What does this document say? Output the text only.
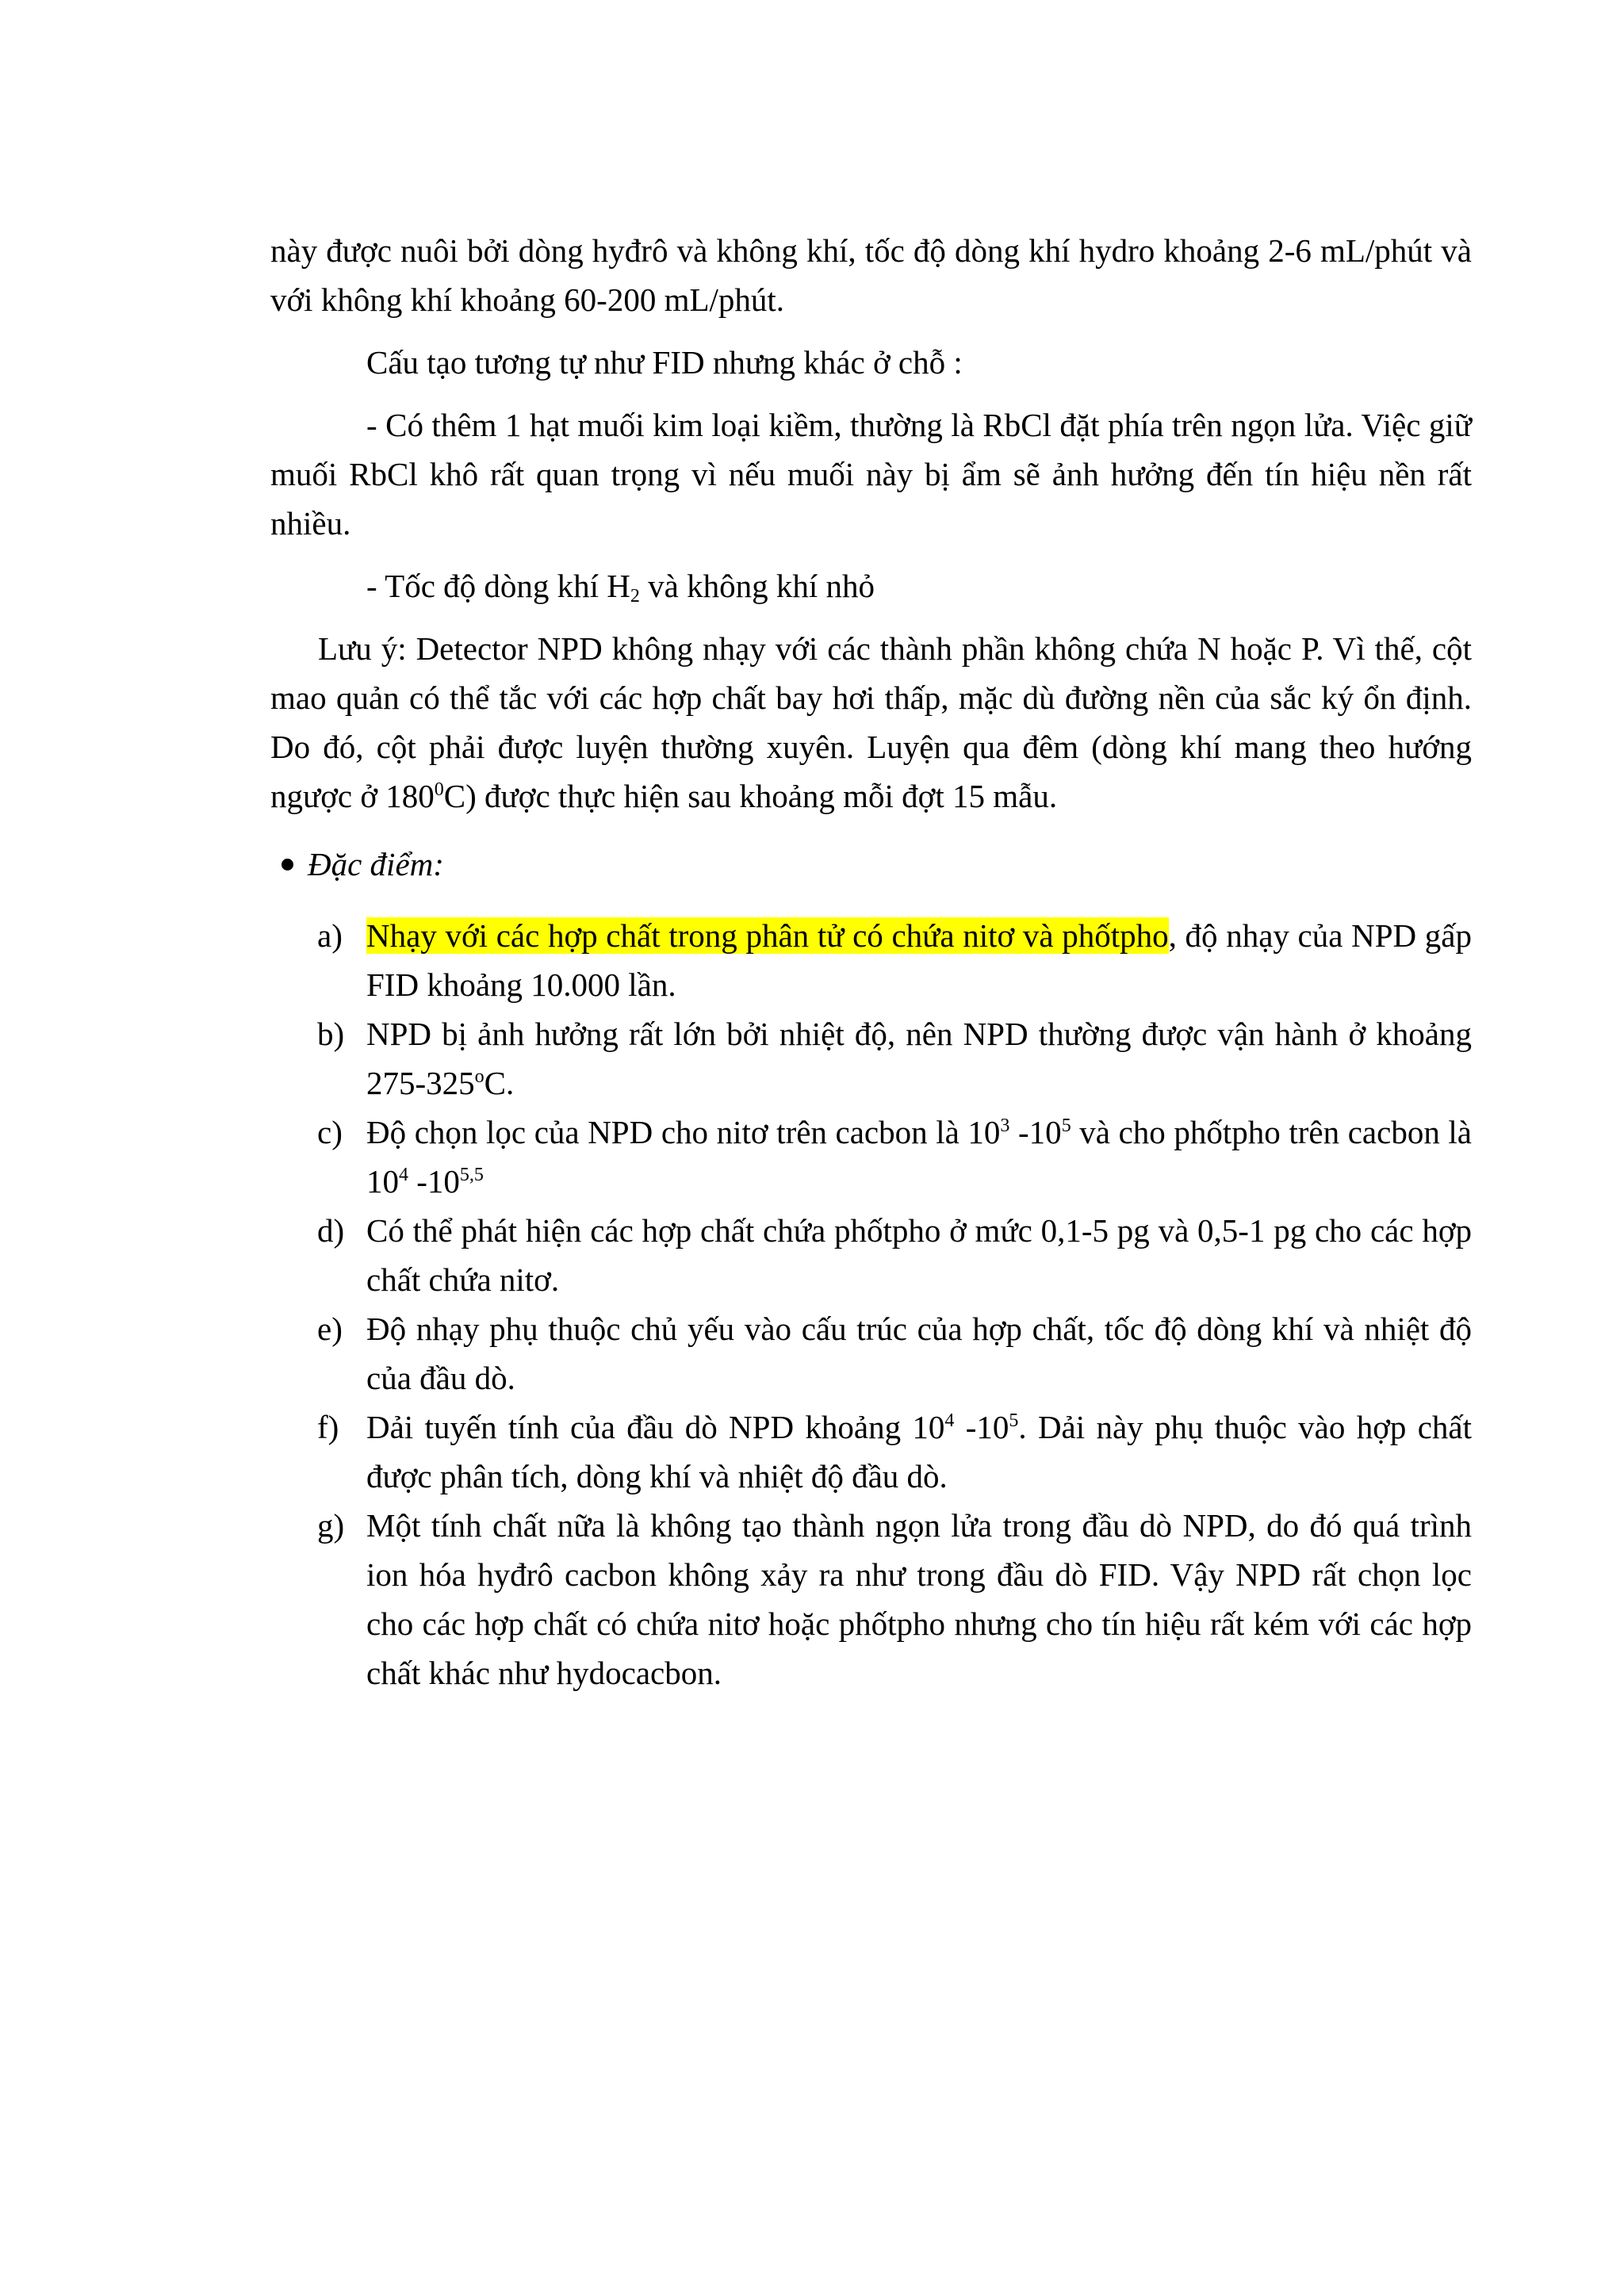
này được nuôi bởi dòng hyđrô và không khí, tốc độ dòng khí hydro khoảng 2-6 mL/phút và với không khí khoảng 60-200 mL/phút.

Cấu tạo tương tự như FID nhưng khác ở chỗ :

- Có thêm 1 hạt muối kim loại kiềm, thường là RbCl đặt phía trên ngọn lửa. Việc giữ muối RbCl khô rất quan trọng vì nếu muối này bị ẩm sẽ ảnh hưởng đến tín hiệu nền rất nhiều.

- Tốc độ dòng khí $H_2$ và không khí nhỏ

Lưu ý: Detector NPD không nhạy với các thành phần không chứa N hoặc P. Vì thế, cột mao quản có thể tắc với các hợp chất bay hơi thấp, mặc dù đường nền của sắc ký ổn định. Do đó, cột phải được luyện thường xuyên. Luyện qua đêm (dòng khí mang theo hướng ngược ở $180^0C$) được thực hiện sau khoảng mỗi đợt 15 mẫu.

Đặc điểm:
a) Nhạy với các hợp chất trong phân tử có chứa nitơ và phốtpho, độ nhạy của NPD gấp FID khoảng 10.000 lần.
b) NPD bị ảnh hưởng rất lớn bởi nhiệt độ, nên NPD thường được vận hành ở khoảng 275-325$^o$C.
c) Độ chọn lọc của NPD cho nitơ trên cacbon là $10^3$ $-10^5$ và cho phốtpho trên cacbon là $10^4$ -10$^{5,5}$
d) Có thể phát hiện các hợp chất chứa phốtpho ở mức 0,1-5 pg và 0,5-1 pg cho các hợp chất chứa nitơ.
e) Độ nhạy phụ thuộc chủ yếu vào cấu trúc của hợp chất, tốc độ dòng khí và nhiệt độ của đầu dò.
f) Dải tuyến tính của đầu dò NPD khoảng $10^4$ $-10^5$. Dải này phụ thuộc vào hợp chất được phân tích, dòng khí và nhiệt độ đầu dò.
g) Một tính chất nữa là không tạo thành ngọn lửa trong đầu dò NPD, do đó quá trình ion hóa hyđrô cacbon không xảy ra như trong đầu dò FID. Vậy NPD rất chọn lọc cho các hợp chất có chứa nitơ hoặc phốtpho nhưng cho tín hiệu rất kém với các hợp chất khác như hydocacbon.
